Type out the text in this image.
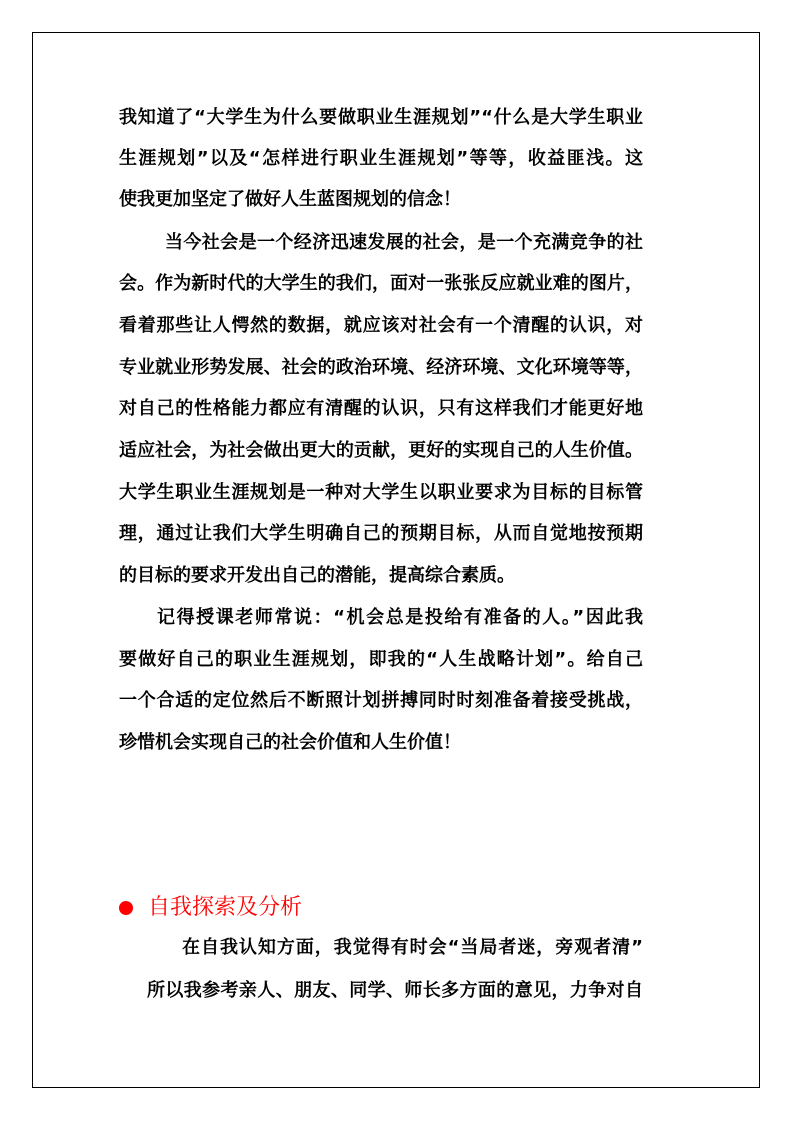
我知道了“大学生为什么要做职业生涯规划”“什么是大学生职业
生涯规划”以及“怎样进行职业生涯规划”等等，收益匪浅。这
使我更加坚定了做好人生蓝图规划的信念！
当今社会是一个经济迅速发展的社会，是一个充满竞争的社
会。作为新时代的大学生的我们，面对一张张反应就业难的图片，
看着那些让人愕然的数据，就应该对社会有一个清醒的认识，对
专业就业形势发展、社会的政治环境、经济环境、文化环境等等，
对自己的性格能力都应有清醒的认识，只有这样我们才能更好地
适应社会，为社会做出更大的贡献，更好的实现自己的人生价值。
大学生职业生涯规划是一种对大学生以职业要求为目标的目标管
理，通过让我们大学生明确自己的预期目标，从而自觉地按预期
的目标的要求开发出自己的潜能，提高综合素质。
记得授课老师常说：“机会总是投给有准备的人。”因此我
要做好自己的职业生涯规划，即我的“人生战略计划”。给自己
一个合适的定位然后不断照计划拼搏同时时刻准备着接受挑战，
珍惜机会实现自己的社会价值和人生价值！
自我探索及分析
在自我认知方面，我觉得有时会“当局者迷，旁观者清”
所以我参考亲人、朋友、同学、师长多方面的意见，力争对自
